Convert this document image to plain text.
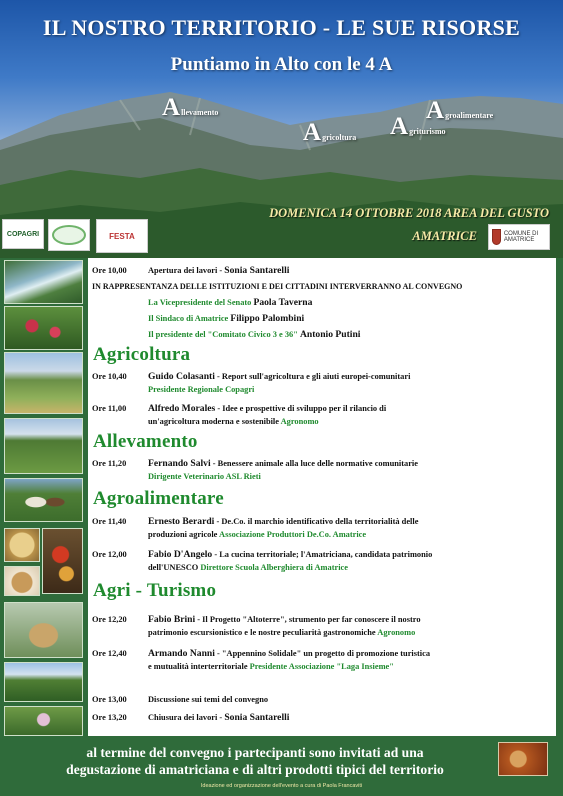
IL NOSTRO TERRITORIO - LE SUE RISORSE
Puntiamo in Alto con le 4 A
Allevamento
Agricoltura Agriturismo
Agroalimentare
DOMENICA 14 OTTOBRE 2018 AREA DEL GUSTO
AMATRICE
COPAGRI	FESTA	COMUNE DI AMATRICE
Ore 10,00	Apertura dei lavori - Sonia Santarelli
IN RAPPRESENTANZA DELLE ISTITUZIONI E DEI CITTADINI INTERVERRANNO AL CONVEGNO
La Vicepresidente del Senato Paola Taverna
Il Sindaco di Amatrice Filippo Palombini
Il presidente del "Comitato Civico 3 e 36" Antonio Putini
Agricoltura
Ore 10,40 Guido Colasanti - Report sull'agricoltura e gli aiuti europei-comunitari
Presidente Regionale Copagri
Ore 11,00 Alfredo Morales - Idee e prospettive di sviluppo per il rilancio di
un'agricoltura moderna e sostenibile Agronomo
Allevamento
Ore 11,20 Fernando Salvi - Benessere animale alla luce delle normative comunitarie
Dirigente Veterinario ASL Rieti
Agroalimentare
Ore 11,40 Ernesto Berardi - De.Co. il marchio identificativo della territorialità delle
produzioni agricole Associazione Produttori De.Co. Amatrice
Ore 12,00 Fabio D'Angelo - La cucina territoriale; l'Amatriciana, candidata patrimonio
dell'UNESCO Direttore Scuola Alberghiera di Amatrice
Agri - Turismo
Ore 12,20 Fabio Brini - Il Progetto "Altoterre", strumento per far conoscere il nostro
patrimonio escursionistico e le nostre peculiarità gastronomiche Agronomo
Ore 12,40 Armando Nanni - "Appennino Solidale" un progetto di promozione turistica
e mutualità interterritoriale Presidente Associazione "Laga Insieme"
Ore 13,00	Discussione sui temi del convegno
Ore 13,20	Chiusura dei lavori - Sonia Santarelli
al termine del convegno i partecipanti sono invitati ad una
degustazione di amatriciana e di altri prodotti tipici del territorio
Ideazione ed organizzazione dell'evento a cura di Paola Francaviti
